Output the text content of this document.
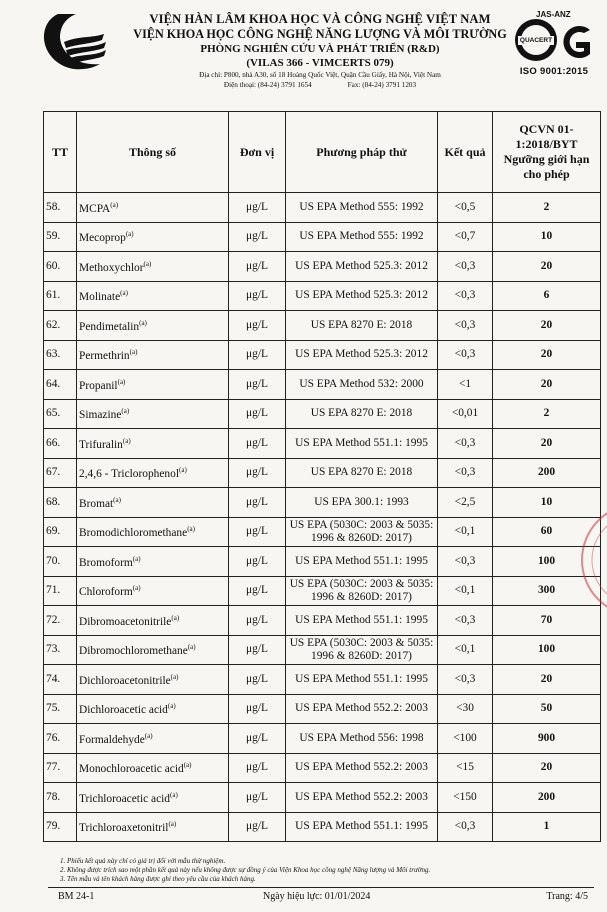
VIỆN HÀN LÂM KHOA HỌC VÀ CÔNG NGHỆ VIỆT NAM
VIỆN KHOA HỌC CÔNG NGHỆ NĂNG LƯỢNG VÀ MÔI TRƯỜNG
PHÒNG NGHIÊN CỨU VÀ PHÁT TRIỂN (R&D)
(VILAS 366 - VIMCERTS 079)
Địa chỉ: P800, nhà A30, số 18 Hoàng Quốc Việt, Quận Cầu Giấy, Hà Nội, Việt Nam
Điện thoại: (84-24) 3791 1654                    Fax: (84-24) 3791 1203
JAS-ANZ
QUACERT
ISO 9001:2015
TT	Thông số	Đơn vị	Phương pháp thử	Kết quả	QCVN 01-1:2018/BYT
Ngưỡng giới hạn cho phép

58.	MCPA$^{(a)}$	μg/L	US EPA Method 555: 1992	<0,5	2
59.	Mecoprop$^{(a)}$	μg/L	US EPA Method 555: 1992	<0,7	10
60.	Methoxychlor$^{(a)}$	μg/L	US EPA Method 525.3: 2012	<0,3	20
61.	Molinate$^{(a)}$	μg/L	US EPA Method 525.3: 2012	<0,3	6
62.	Pendimetalin$^{(a)}$	μg/L	US EPA 8270 E: 2018	<0,3	20
63.	Permethrin$^{(a)}$	μg/L	US EPA Method 525.3: 2012	<0,3	20
64.	Propanil$^{(a)}$	μg/L	US EPA Method 532: 2000	<1	20
65.	Simazine$^{(a)}$	μg/L	US EPA 8270 E: 2018	<0,01	2
66.	Trifuralin$^{(a)}$	μg/L	US EPA Method 551.1: 1995	<0,3	20
67.	2,4,6 - Triclorophenol$^{(a)}$	μg/L	US EPA 8270 E: 2018	<0,3	200
68.	Bromat$^{(a)}$	μg/L	US EPA 300.1: 1993	<2,5	10
69.	Bromodichloromethane$^{(a)}$	μg/L	US EPA (5030C: 2003 & 5035: 1996 & 8260D: 2017)	<0,1	60
70.	Bromoform$^{(a)}$	μg/L	US EPA Method 551.1: 1995	<0,3	100
71.	Chloroform$^{(a)}$	μg/L	US EPA (5030C: 2003 & 5035: 1996 & 8260D: 2017)	<0,1	300
72.	Dibromoacetonitrile$^{(a)}$	μg/L	US EPA Method 551.1: 1995	<0,3	70
73.	Dibromochloromethane$^{(a)}$	μg/L	US EPA (5030C: 2003 & 5035: 1996 & 8260D: 2017)	<0,1	100
74.	Dichloroacetonitrile$^{(a)}$	μg/L	US EPA Method 551.1: 1995	<0,3	20
75.	Dichloroacetic acid$^{(a)}$	μg/L	US EPA Method 552.2: 2003	<30	50
76.	Formaldehyde$^{(a)}$	μg/L	US EPA Method 556: 1998	<100	900
77.	Monochloroacetic acid$^{(a)}$	μg/L	US EPA Method 552.2: 2003	<15	20
78.	Trichloroacetic acid$^{(a)}$	μg/L	US EPA Method 552.2: 2003	<150	200
79.	Trichloroaxetonitril$^{(a)}$	μg/L	US EPA Method 551.1: 1995	<0,3	1
1. Phiếu kết quả này chỉ có giá trị đối với mẫu thử nghiệm.
2. Không được trích sao một phần kết quả này nếu không được sự đồng ý của Viện Khoa học công nghệ Năng lượng và Môi trường.
3. Tên mẫu và tên khách hàng được ghi theo yêu cầu của khách hàng.
BM 24-1	Ngày hiệu lực: 01/01/2024	Trang: 4/5
